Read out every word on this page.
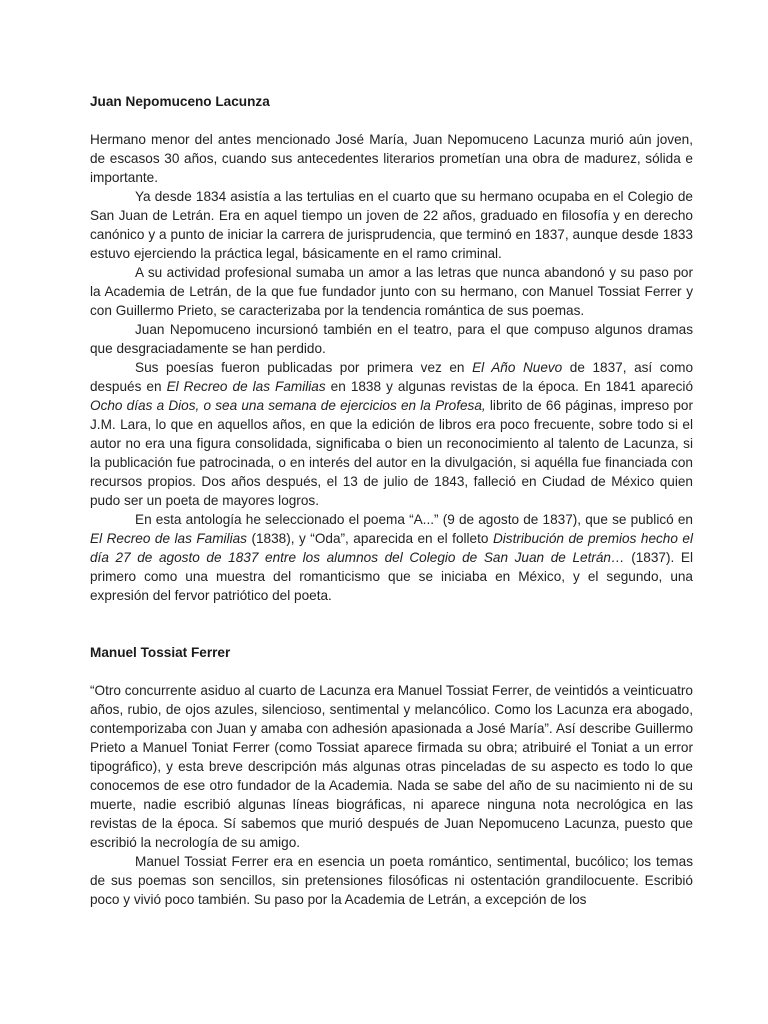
Juan Nepomuceno Lacunza

Hermano menor del antes mencionado José María, Juan Nepomuceno Lacunza murió aún joven, de escasos 30 años, cuando sus antecedentes literarios prometían una obra de madurez, sólida e importante.

Ya desde 1834 asistía a las tertulias en el cuarto que su hermano ocupaba en el Colegio de San Juan de Letrán. Era en aquel tiempo un joven de 22 años, graduado en filosofía y en derecho canónico y a punto de iniciar la carrera de jurisprudencia, que terminó en 1837, aunque desde 1833 estuvo ejerciendo la práctica legal, básicamente en el ramo criminal.

A su actividad profesional sumaba un amor a las letras que nunca abandonó y su paso por la Academia de Letrán, de la que fue fundador junto con su hermano, con Manuel Tossiat Ferrer y con Guillermo Prieto, se caracterizaba por la tendencia romántica de sus poemas.

Juan Nepomuceno incursionó también en el teatro, para el que compuso algunos dramas que desgraciadamente se han perdido.

Sus poesías fueron publicadas por primera vez en El Año Nuevo de 1837, así como después en El Recreo de las Familias en 1838 y algunas revistas de la época. En 1841 apareció Ocho días a Dios, o sea una semana de ejercicios en la Profesa, librito de 66 páginas, impreso por J.M. Lara, lo que en aquellos años, en que la edición de libros era poco frecuente, sobre todo si el autor no era una figura consolidada, significaba o bien un reconocimiento al talento de Lacunza, si la publicación fue patrocinada, o en interés del autor en la divulgación, si aquélla fue financiada con recursos propios. Dos años después, el 13 de julio de 1843, falleció en Ciudad de México quien pudo ser un poeta de mayores logros.

En esta antología he seleccionado el poema “A...” (9 de agosto de 1837), que se publicó en El Recreo de las Familias (1838), y “Oda”, aparecida en el folleto Distribución de premios hecho el día 27 de agosto de 1837 entre los alumnos del Colegio de San Juan de Letrán… (1837). El primero como una muestra del romanticismo que se iniciaba en México, y el segundo, una expresión del fervor patriótico del poeta.

Manuel Tossiat Ferrer

“Otro concurrente asiduo al cuarto de Lacunza era Manuel Tossiat Ferrer, de veintidós a veinticuatro años, rubio, de ojos azules, silencioso, sentimental y melancólico. Como los Lacunza era abogado, contemporizaba con Juan y amaba con adhesión apasionada a José María”. Así describe Guillermo Prieto a Manuel Toniat Ferrer (como Tossiat aparece firmada su obra; atribuiré el Toniat a un error tipográfico), y esta breve descripción más algunas otras pinceladas de su aspecto es todo lo que conocemos de ese otro fundador de la Academia. Nada se sabe del año de su nacimiento ni de su muerte, nadie escribió algunas líneas biográficas, ni aparece ninguna nota necrológica en las revistas de la época. Sí sabemos que murió después de Juan Nepomuceno Lacunza, puesto que escribió la necrología de su amigo.

Manuel Tossiat Ferrer era en esencia un poeta romántico, sentimental, bucólico; los temas de sus poemas son sencillos, sin pretensiones filosóficas ni ostentación grandilocuente. Escribió poco y vivió poco también. Su paso por la Academia de Letrán, a excepción de los
